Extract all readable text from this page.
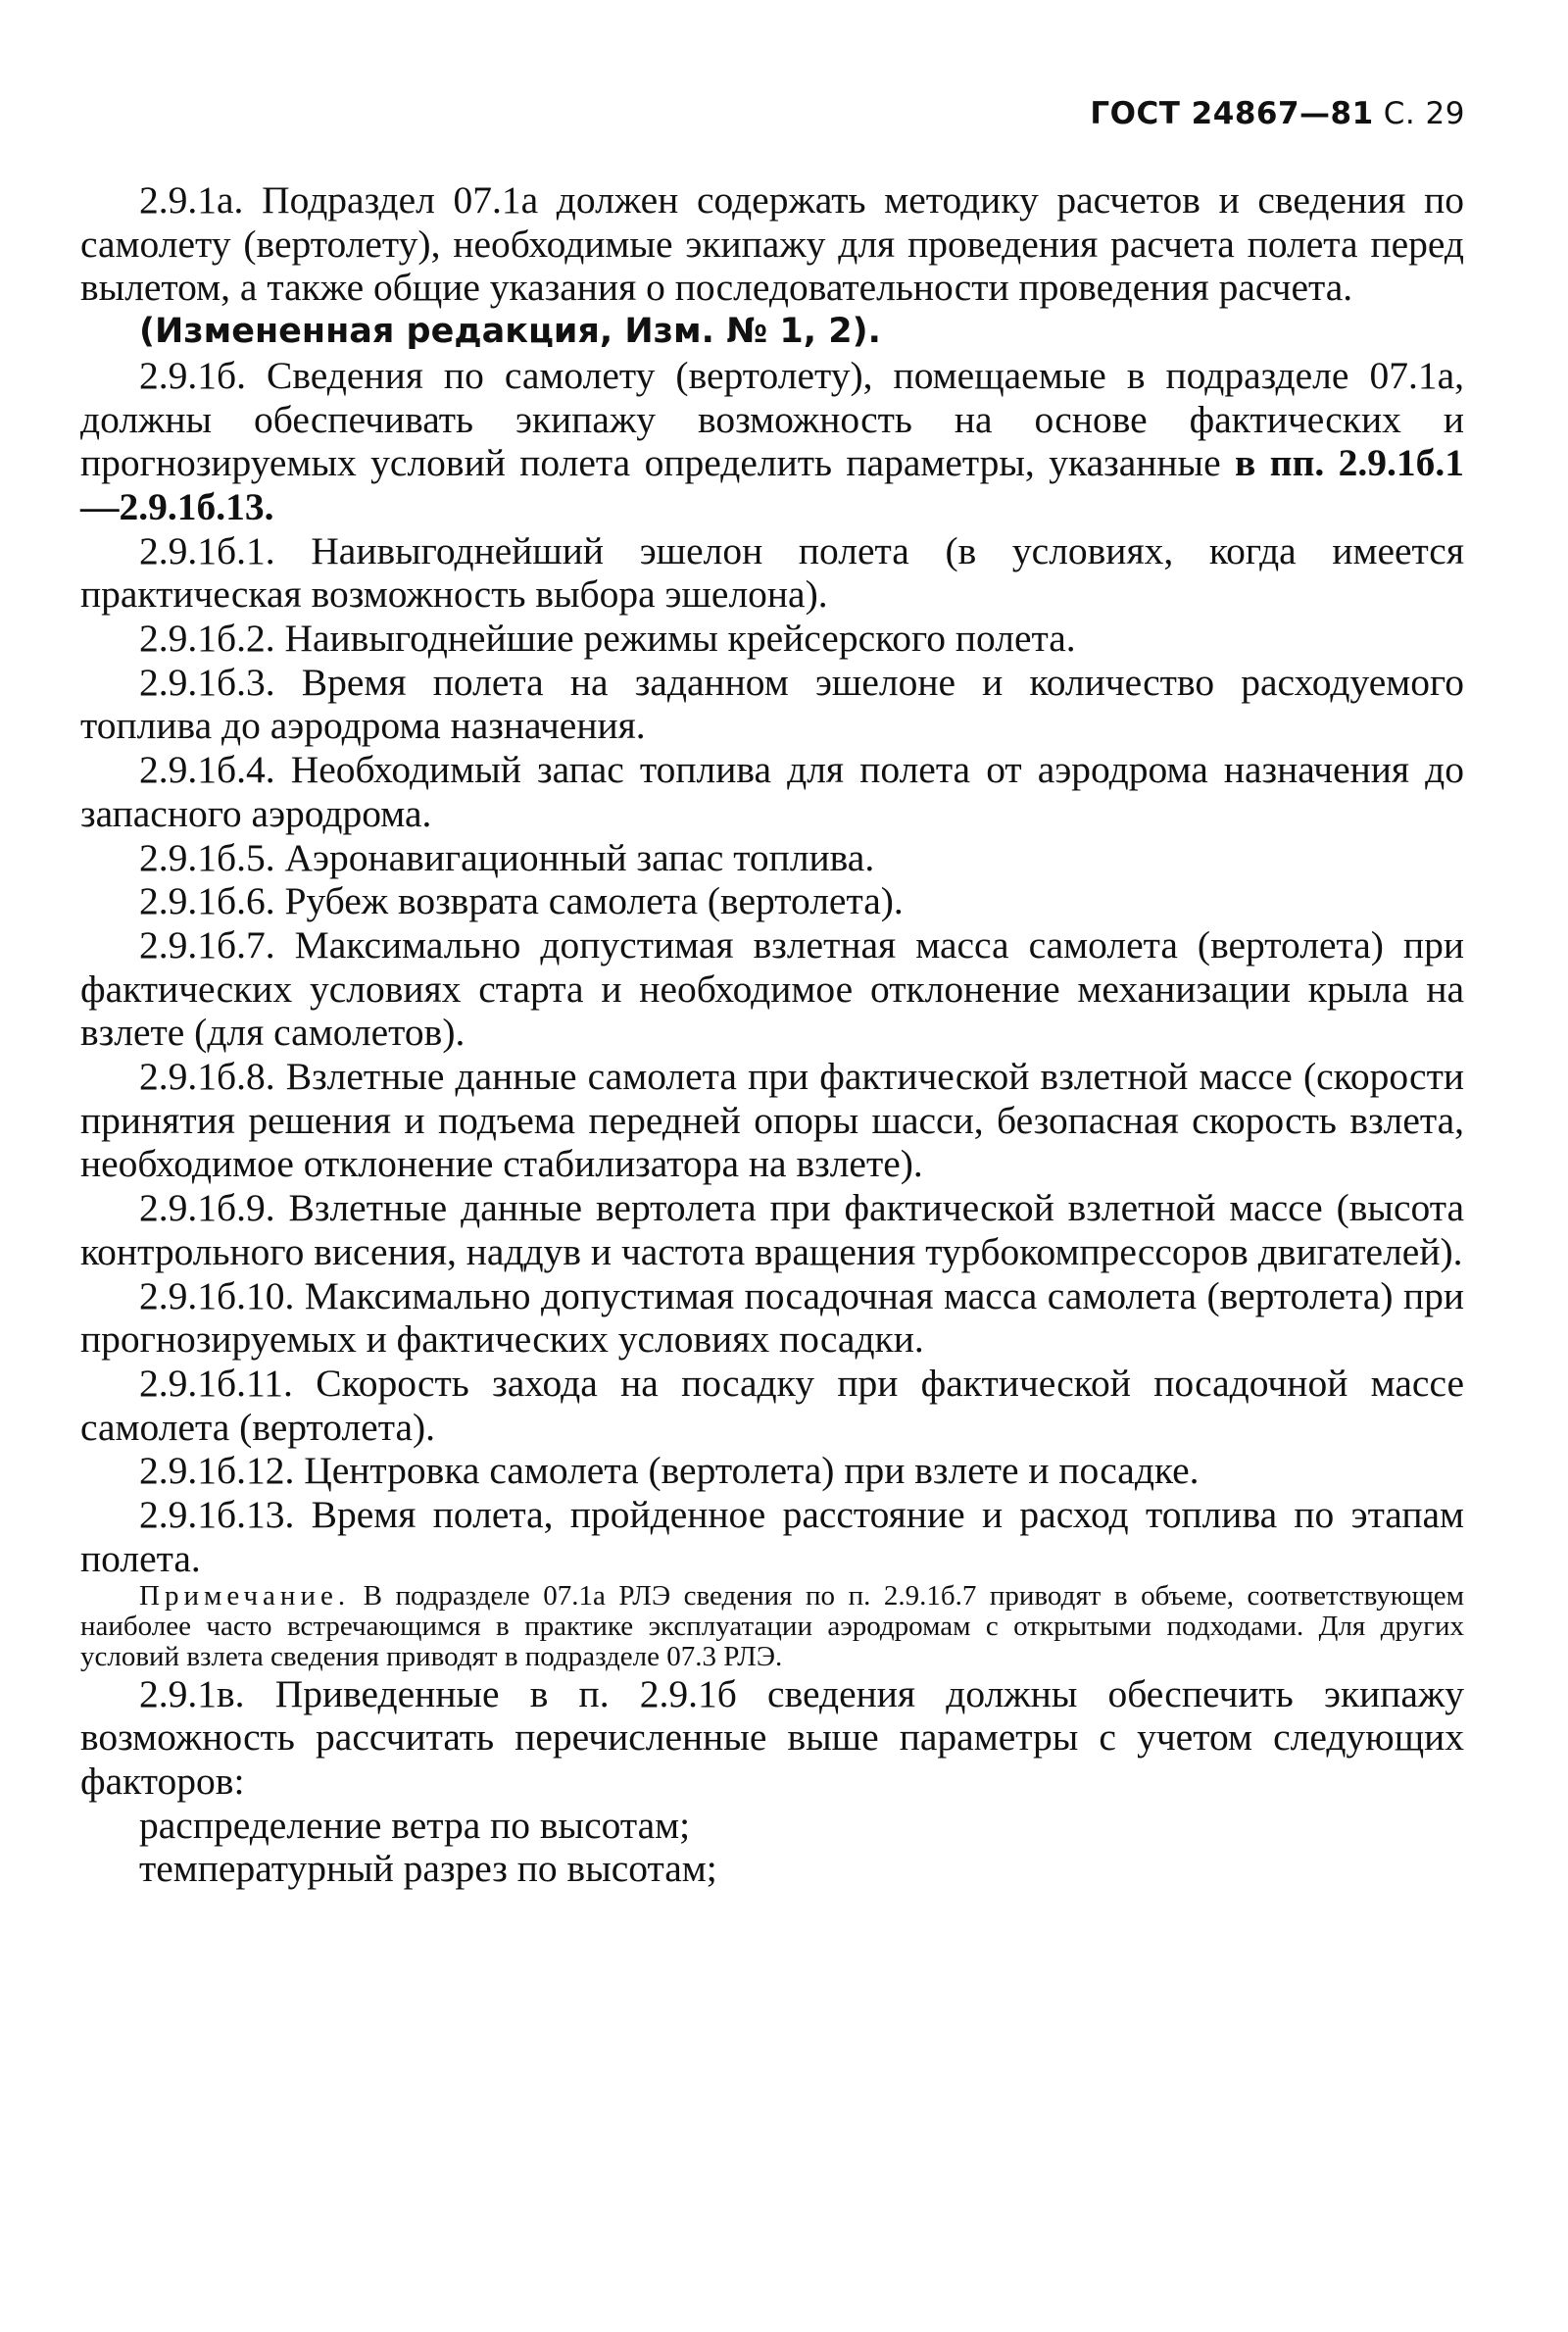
ГОСТ 24867—81 С. 29

2.9.1а. Подраздел 07.1а должен содержать методику расчетов и сведения по самолету (вертолету), необходимые экипажу для проведения расчета полета перед вылетом, а также общие указания о последовательности проведения расчета.

(Измененная редакция, Изм. № 1, 2).

2.9.1б. Сведения по самолету (вертолету), помещаемые в подразделе 07.1а, должны обеспечивать экипажу возможность на основе фактических и прогнозируемых условий полета определить параметры, указанные в пп. 2.9.1б.1—2.9.1б.13.

2.9.1б.1. Наивыгоднейший эшелон полета (в условиях, когда имеется практическая возможность выбора эшелона).

2.9.1б.2. Наивыгоднейшие режимы крейсерского полета.

2.9.1б.3. Время полета на заданном эшелоне и количество расходуемого топлива до аэродрома назначения.

2.9.1б.4. Необходимый запас топлива для полета от аэродрома назначения до запасного аэродрома.

2.9.1б.5. Аэронавигационный запас топлива.

2.9.1б.6. Рубеж возврата самолета (вертолета).

2.9.1б.7. Максимально допустимая взлетная масса самолета (вертолета) при фактических условиях старта и необходимое отклонение механизации крыла на взлете (для самолетов).

2.9.1б.8. Взлетные данные самолета при фактической взлетной массе (скорости принятия решения и подъема передней опоры шасси, безопасная скорость взлета, необходимое отклонение стабилизатора на взлете).

2.9.1б.9. Взлетные данные вертолета при фактической взлетной массе (высота контрольного висения, наддув и частота вращения турбокомпрессоров двигателей).

2.9.1б.10. Максимально допустимая посадочная масса самолета (вертолета) при прогнозируемых и фактических условиях посадки.

2.9.1б.11. Скорость захода на посадку при фактической посадочной массе самолета (вертолета).

2.9.1б.12. Центровка самолета (вертолета) при взлете и посадке.

2.9.1б.13. Время полета, пройденное расстояние и расход топлива по этапам полета.

Примечание. В подразделе 07.1а РЛЭ сведения по п. 2.9.1б.7 приводят в объеме, соответствующем наиболее часто встречающимся в практике эксплуатации аэродромам с открытыми подходами. Для других условий взлета сведения приводят в подразделе 07.3 РЛЭ.

2.9.1в. Приведенные в п. 2.9.1б сведения должны обеспечить экипажу возможность рассчитать перечисленные выше параметры с учетом следующих факторов:

распределение ветра по высотам;

температурный разрез по высотам;
